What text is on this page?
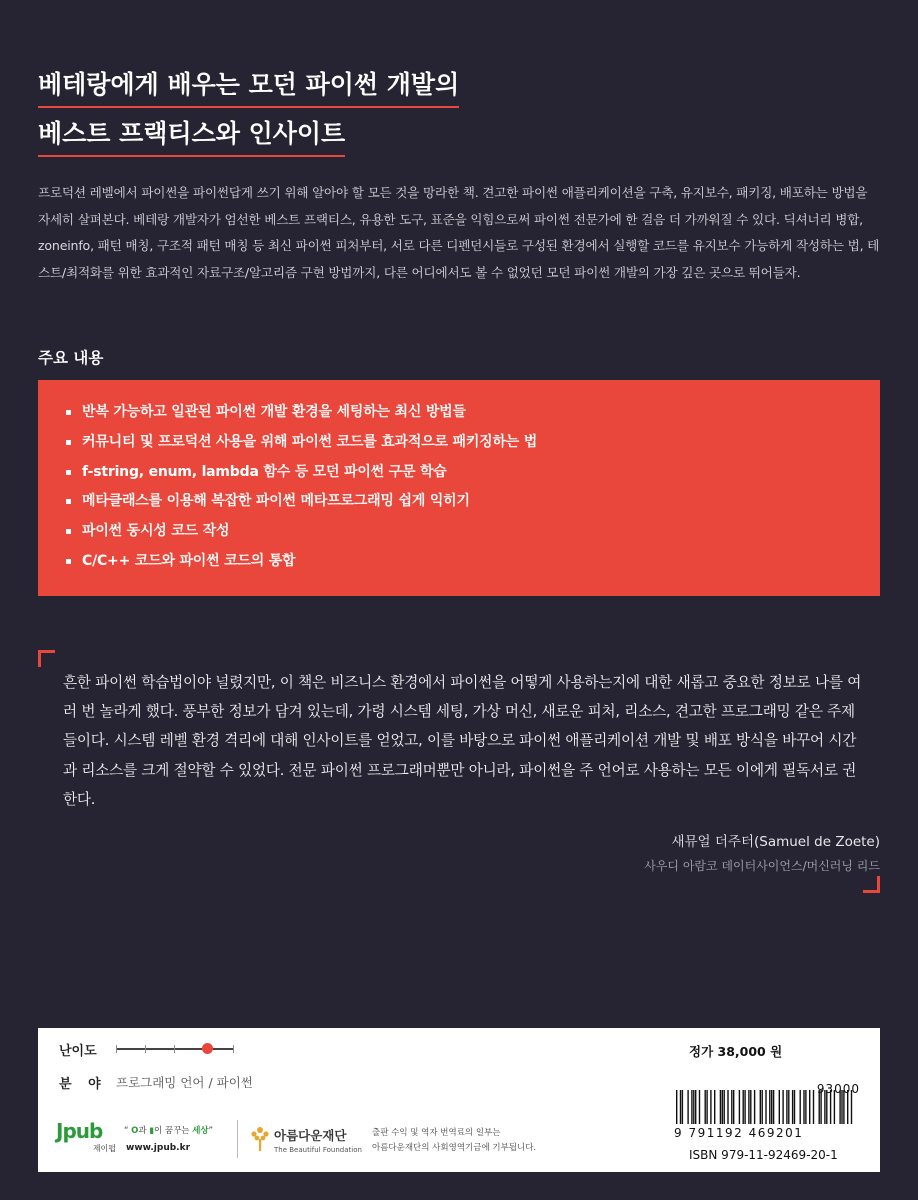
베테랑에게 배우는 모던 파이썬 개발의
베스트 프랙티스와 인사이트

프로덕션 레벨에서 파이썬을 파이썬답게 쓰기 위해 알아야 할 모든 것을 망라한 책. 견고한 파이썬 애플리케이션을 구축, 유지보수, 패키징, 배포하는 방법을 자세히 살펴본다. 베테랑 개발자가 엄선한 베스트 프랙티스, 유용한 도구, 표준을 익힘으로써 파이썬 전문가에 한 걸음 더 가까워질 수 있다. 딕셔너리 병합, zoneinfo, 패턴 매칭, 구조적 패턴 매칭 등 최신 파이썬 피처부터, 서로 다른 디펜던시들로 구성된 환경에서 실행할 코드를 유지보수 가능하게 작성하는 법, 테스트/최적화를 위한 효과적인 자료구조/알고리즘 구현 방법까지, 다른 어디에서도 볼 수 없었던 모던 파이썬 개발의 가장 깊은 곳으로 뛰어들자.

주요 내용
반복 가능하고 일관된 파이썬 개발 환경을 세팅하는 최신 방법들
커뮤니티 및 프로덕션 사용을 위해 파이썬 코드를 효과적으로 패키징하는 법
f-string, enum, lambda 함수 등 모던 파이썬 구문 학습
메타클래스를 이용해 복잡한 파이썬 메타프로그래밍 쉽게 익히기
파이썬 동시성 코드 작성
C/C++ 코드와 파이썬 코드의 통합

흔한 파이썬 학습법이야 널렸지만, 이 책은 비즈니스 환경에서 파이썬을 어떻게 사용하는지에 대한 새롭고 중요한 정보로 나를 여러 번 놀라게 했다. 풍부한 정보가 담겨 있는데, 가령 시스템 세팅, 가상 머신, 새로운 피처, 리소스, 견고한 프로그래밍 같은 주제들이다. 시스템 레벨 환경 격리에 대해 인사이트를 얻었고, 이를 바탕으로 파이썬 애플리케이션 개발 및 배포 방식을 바꾸어 시간과 리소스를 크게 절약할 수 있었다. 전문 파이썬 프로그래머뿐만 아니라, 파이썬을 주 언어로 사용하는 모든 이에게 필독서로 권한다.

새뮤얼 더주터(Samuel de Zoete)
사우디 아람코 데이터사이언스/머신러닝 리드
난이도
분 야 프로그래밍 언어 / 파이썬
정가 38,000 원
93000
9 791192 469201
ISBN 979-11-92469-20-1
Jpub
제이펍
“ O과 ▮이 꿈꾸는 세상”
www.jpub.kr
아름다운재단
The Beautiful Foundation
출판 수익 및 역자 번역료의 일부는
아름다운재단의 사회영역기금에 기부됩니다.
